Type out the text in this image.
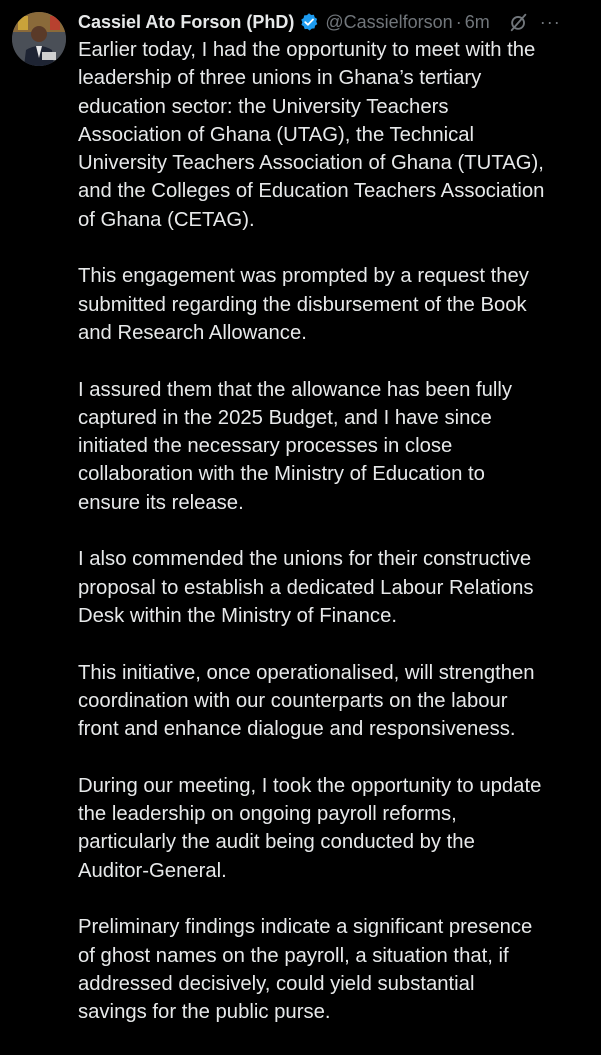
Cassiel Ato Forson (PhD) @Cassielforson · 6m	···

Earlier today, I had the opportunity to meet with the
leadership of three unions in Ghana’s tertiary
education sector: the University Teachers
Association of Ghana (UTAG), the Technical
University Teachers Association of Ghana (TUTAG),
and the Colleges of Education Teachers Association
of Ghana (CETAG).

This engagement was prompted by a request they
submitted regarding the disbursement of the Book
and Research Allowance.

I assured them that the allowance has been fully
captured in the 2025 Budget, and I have since
initiated the necessary processes in close
collaboration with the Ministry of Education to
ensure its release.

I also commended the unions for their constructive
proposal to establish a dedicated Labour Relations
Desk within the Ministry of Finance.

This initiative, once operationalised, will strengthen
coordination with our counterparts on the labour
front and enhance dialogue and responsiveness.

During our meeting, I took the opportunity to update
the leadership on ongoing payroll reforms,
particularly the audit being conducted by the
Auditor-General.

Preliminary findings indicate a significant presence
of ghost names on the payroll, a situation that, if
addressed decisively, could yield substantial
savings for the public purse.
